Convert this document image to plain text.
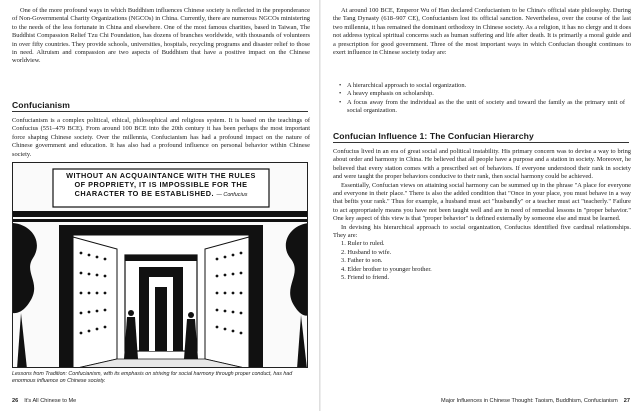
One of the more profound ways in which Buddhism influences Chinese society is reflected in the preponderance of Non-Governmental Charity Organizations (NGCOs) in China. Currently, there are numerous NGCOs ministering to the needs of the less fortunate in China and elsewhere. One of the most famous charities, based in Taiwan, The Buddhist Compassion Relief Tzu Chi Foundation, has dozens of branches worldwide, with thousands of volunteers in over fifty countries. They provide schools, universities, hospitals, recycling programs and disaster relief to those in need. Altruism and compassion are two aspects of Buddhism that have a positive impact on the Chinese worldview.

Confucianism

Confucianism is a complex political, ethical, philosophical and religious system. It is based on the teachings of Confucius (551–479 BCE). From around 100 BCE into the 20th century it has been perhaps the most important force shaping Chinese society. Over the millennia, Confucianism has had a profound impact on the nature of Chinese government and education. It has also had a profound influence on personal behavior within Chinese society.

WITHOUT AN ACQUAINTANCE WITH THE RULES
OF PROPRIETY, IT IS IMPOSSIBLE FOR THE
CHARACTER TO BE ESTABLISHED. — Confucius
Lessons from Tradition: Confucianism, with its emphasis on striving for social harmony through proper conduct, has had enormous influence on Chinese society.
26 It's All Chinese to Me

At around 100 BCE, Emperor Wu of Han declared Confucianism to be China's official state philosophy. During the Tang Dynasty (618–907 CE), Confucianism lost its official sanction. Nevertheless, over the course of the last two millennia, it has remained the dominant orthodoxy in Chinese society. As a religion, it has no clergy and it does not address typical spiritual concerns such as human suffering and life after death. It is primarily a moral guide and a prescription for good government. Three of the most important ways in which Confucian thought continues to exert influence in Chinese society today are:

• A hierarchical approach to social organization.
• A heavy emphasis on scholarship.
• A focus away from the individual as the the unit of society and toward the family as the primary unit of social organization.
Confucian Influence 1: The Confucian Hierarchy

Confucius lived in an era of great social and political instability. His primary concern was to devise a way to bring about order and harmony in China. He believed that all people have a purpose and a station in society. Moreover, he believed that every station comes with a prescribed set of behaviors. If everyone understood their rank in society and were taught the proper behaviors conducive to their rank, then social harmony could be achieved.

Essentially, Confucian views on attaining social harmony can be summed up in the phrase "A place for everyone and everyone in their place." There is also the added condition that "Once in your place, you must behave in a way that befits your rank." Thus for example, a husband must act "husbandly" or a teacher must act "teacherly." Failure to act appropriately means you have not been taught well and are in need of remedial lessons in "proper behavior." One key aspect of this view is that "proper behavior" is defined externally by someone else and must be learned.

In devising his hierarchical approach to social organization, Confucius identified five cardinal relationships. They are:

1. Ruler to ruled.
2. Husband to wife.
3. Father to son.
4. Elder brother to younger brother.
5. Friend to friend.
Major Influences in Chinese Thought: Taoism, Buddhism, Confucianism 27
